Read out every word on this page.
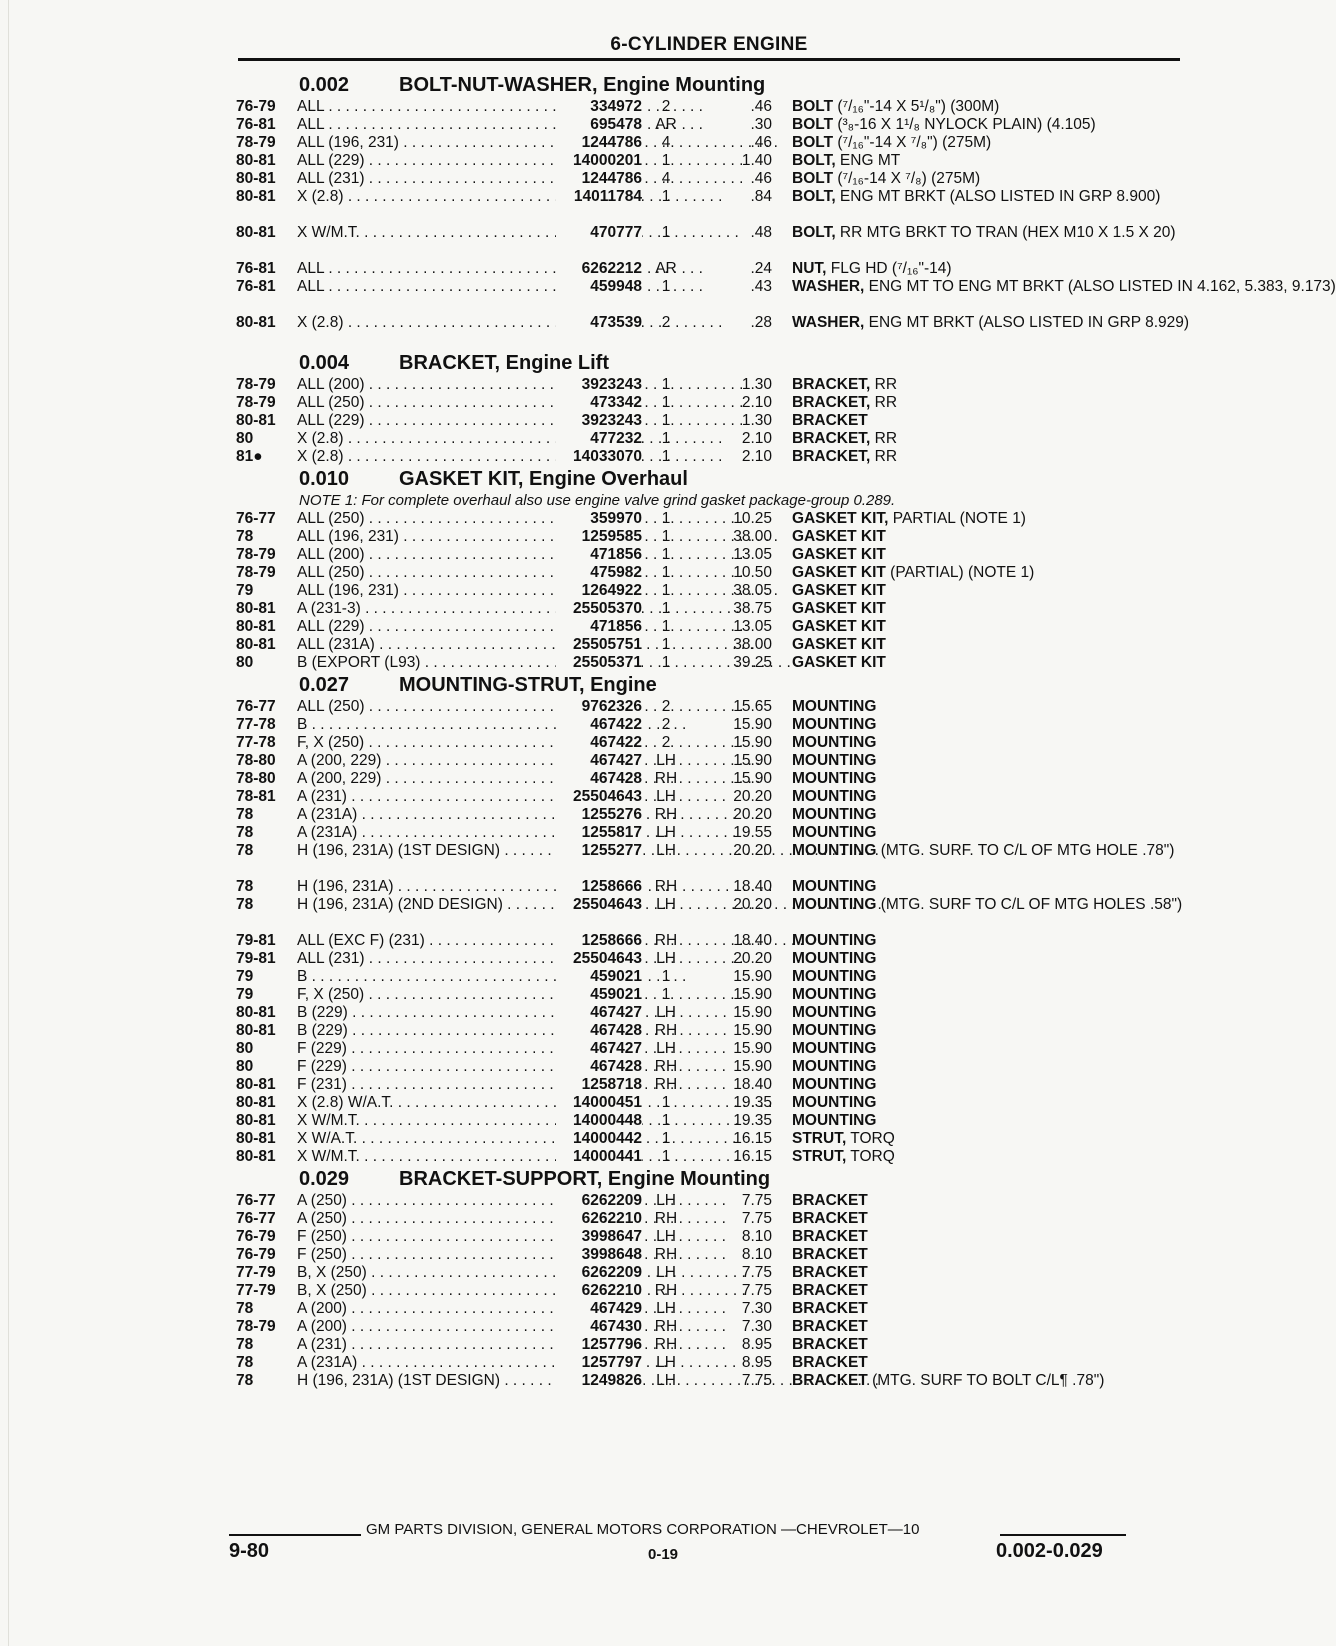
6-CYLINDER ENGINE
0.002	BOLT-NUT-WASHER, Engine Mounting
76-79	ALL . . .	334972	2	.46 BOLT (⁷/₁₆"-14 X 5¹/₈") (300M)
76-81	ALL . . .	695478 AR	.30 BOLT (³₈-16 X 1¹/₈ NYLOCK PLAIN) (4.105)
78-79	ALL (196, 231) . . .	1244786	4	.46 BOLT (⁷/₁₆"-14 X ⁷/₈") (275M)
80-81	ALL (229) . . .	14000201	1	1.40 BOLT, ENG MT
80-81	ALL (231) . . .	1244786	4	.46 BOLT (⁷/₁₆-14 X ⁷/₈) (275M)
80-81	X (2.8) . . .	14011784	1	.84 BOLT, ENG MT BRKT (ALSO LISTED IN GRP 8.900)
80-81	X W/M.T. . . .	470777	1	.48 BOLT, RR MTG BRKT TO TRAN (HEX M10 X 1.5 X 20)
76-81	ALL . . .	6262212 AR	.24 NUT, FLG HD (⁷/₁₆"-14)
76-81	ALL . . .	459948	1	.43 WASHER, ENG MT TO ENG MT BRKT (ALSO LISTED IN 4.162, 5.383, 9.173)
80-81	X (2.8) . . .	473539	2	.28 WASHER, ENG MT BRKT (ALSO LISTED IN GRP 8.929)
0.004	BRACKET, Engine Lift
78-79	ALL (200) . . .	3923243	1	1.30 BRACKET, RR
78-79	ALL (250) . . .	473342	1	2.10 BRACKET, RR
80-81	ALL (229) . . .	3923243	1	1.30 BRACKET
80	X (2.8) . . .	477232	1	2.10 BRACKET, RR
81●	X (2.8) . . .	14033070	1	2.10 BRACKET, RR
0.010	GASKET KIT, Engine Overhaul
NOTE 1: For complete overhaul also use engine valve grind gasket package-group 0.289.
76-77	ALL (250) . . .	359970	1	10.25 GASKET KIT, PARTIAL (NOTE 1)
78	ALL (196, 231) . . .	1259585	1	38.00 GASKET KIT
78-79	ALL (200) . . .	471856	1	13.05 GASKET KIT
78-79	ALL (250) . . .	475982	1	10.50 GASKET KIT (PARTIAL) (NOTE 1)
79	ALL (196, 231) . . .	1264922	1	38.05 GASKET KIT
80-81	A (231-3) . . .	25505370	1	38.75 GASKET KIT
80-81	ALL (229) . . .	471856	1	13.05 GASKET KIT
80-81	ALL (231A) . . .	25505751	1	38.00 GASKET KIT
80	B (EXPORT (L93) . . .	25505371	1	39.25 GASKET KIT
0.027	MOUNTING-STRUT, Engine
76-77	ALL (250) . . .	9762326	2	15.65 MOUNTING
77-78	B . . .	467422	2	15.90 MOUNTING
77-78	F, X (250) . . .	467422	2	15.90 MOUNTING
78-80	A (200, 229) . . .	467427 LH	15.90 MOUNTING
78-80	A (200, 229) . . .	467428 RH	15.90 MOUNTING
78-81	A (231) . . .	25504643 LH	20.20 MOUNTING
78	A (231A) . . .	1255276 RH	20.20 MOUNTING
78	A (231A) . . .	1255817 LH	19.55 MOUNTING
78	H (196, 231A) (1ST DESIGN) . . .	1255277 LH	20.20 MOUNTING (MTG. SURF. TO C/L OF MTG HOLE .78")
78	H (196, 231A) . . .	1258666 RH	18.40 MOUNTING
78	H (196, 231A) (2ND DESIGN) . . .	25504643 LH	20.20 MOUNTING (MTG. SURF TO C/L OF MTG HOLES .58")
79-81	ALL (EXC F) (231) . . .	1258666 RH	18.40 MOUNTING
79-81	ALL (231) . . .	25504643 LH	20.20 MOUNTING
79	B . . .	459021	1	15.90 MOUNTING
79	F, X (250) . . .	459021	1	15.90 MOUNTING
80-81	B (229) . . .	467427 LH	15.90 MOUNTING
80-81	B (229) . . .	467428 RH	15.90 MOUNTING
80	F (229) . . .	467427 LH	15.90 MOUNTING
80	F (229) . . .	467428 RH	15.90 MOUNTING
80-81	F (231) . . .	1258718 RH	18.40 MOUNTING
80-81	X (2.8) W/A.T. . . .	14000451	1	19.35 MOUNTING
80-81	X W/M.T. . . .	14000448	1	19.35 MOUNTING
80-81	X W/A.T. . . .	14000442	1	16.15 STRUT, TORQ
80-81	X W/M.T. . . .	14000441	1	16.15 STRUT, TORQ
0.029	BRACKET-SUPPORT, Engine Mounting
76-77	A (250) . . .	6262209 LH	7.75 BRACKET
76-77	A (250) . . .	6262210 RH	7.75 BRACKET
76-79	F (250) . . .	3998647 LH	8.10 BRACKET
76-79	F (250) . . .	3998648 RH	8.10 BRACKET
77-79	B, X (250) . . .	6262209 LH	7.75 BRACKET
77-79	B, X (250) . . .	6262210 RH	7.75 BRACKET
78	A (200) . . .	467429 LH	7.30 BRACKET
78-79	A (200) . . .	467430 RH	7.30 BRACKET
78	A (231) . . .	1257796 RH	8.95 BRACKET
78	A (231A) . . .	1257797 LH	8.95 BRACKET
78	H (196, 231A) (1ST DESIGN) . . .	1249826 LH	7.75 BRACKET (MTG. SURF TO BOLT C/L¶ .78")
GM PARTS DIVISION, GENERAL MOTORS CORPORATION —CHEVROLET—10
9-80	0-19	0.002-0.029
